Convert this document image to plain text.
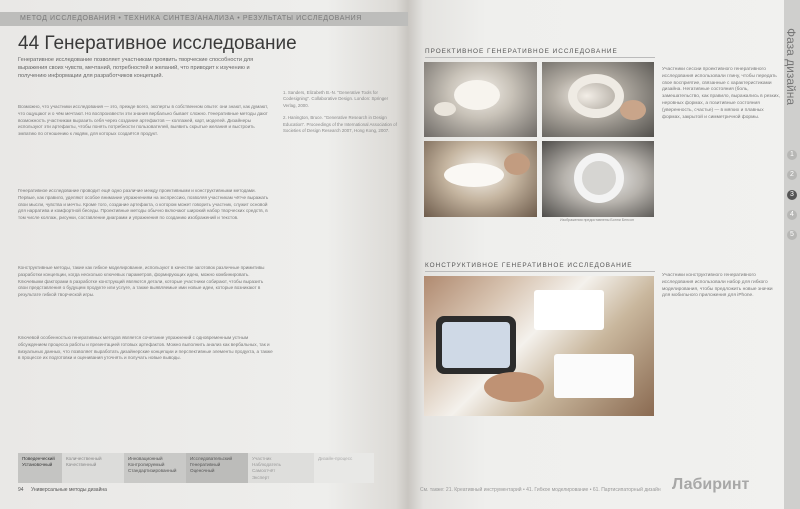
МЕТОД ИССЛЕДОВАНИЯ • ТЕХНИКА СИНТЕЗ/АНАЛИЗА • РЕЗУЛЬТАТЫ ИССЛЕДОВАНИЯ
44 Генеративное исследование
Генеративное исследование позволяет участникам проявить творческие способности для выражения своих чувств, мечтаний, потребностей и желаний, что приводит к изучению и получению информации для разработчиков концепций.
Возможно, что участники исследования — это, прежде всего, эксперты в собственном опыте: они знают, как думают, что ощущают и о чём мечтают. Но воспроизвести эти знания вербально бывает сложно. Генеративные методы дают возможность участникам выразить себя через создание артефактов — коллажей, карт, моделей. Дизайнеры используют эти артефакты, чтобы понять потребности пользователей, выявить скрытые желания и выстроить эмпатию по отношению к людям, для которых создаётся продукт.
Генеративное исследование проводит ещё одно различие между проективными и конструктивными методами. Первые, как правило, уделяют особое внимание упражнениям на экспрессию, позволяя участникам чётче выражать свои мысли, чувства и мечты. Кроме того, создание артефакта, о котором может говорить участник, служит основой для нарратива и комфортной беседы. Проективные методы обычно включают широкий набор творческих средств, в том числе коллаж, рисунки, составление диаграмм и упражнения по созданию изображений и текстов.
Конструктивные методы, такие как гибкое моделирование, используют в качестве заготовок различные примитивы разработки концепции, когда несколько ключевых параметров, формирующих идею, можно комбинировать. Ключевыми факторами в разработке конструкций являются детали, которые участники собирают, чтобы выразить свои представления о будущем продукте или услуге, а также выявляемые ими новые идеи, которые возникают в результате гибкой творческой игры.
Ключевой особенностью генеративных методов является сочетание упражнений с одновременным устным обсуждением процесса работы и презентацией готовых артефактов. Можно выполнить анализ как вербальных, так и визуальных данных, что позволяет выработать дизайнерские концепции и перспективные элементы продукта, а также в процессе их подготовки и оценивания уточнять и получать новые выводы.

1. Sanders, Elizabeth B.-N. "Generative Tools for Codesigning". Collaborative Design. London: Springer Verlag, 2000.

2. Hanington, Bruce. "Generative Research in Design Education". Proceedings of the International Association of Societies of Design Research 2007, Hong Kong, 2007.

Поведенческий
Установочный
Количественный
Качественный
Инновационный
Контролируемый
Стандартизированный
Исследовательский
Генеративный
Оценочный
Участник
Наблюдатель
Самоотчёт
Эксперт
Дизайн-процесс
94 Универсальные методы дизайна
ПРОЕКТИВНОЕ ГЕНЕРАТИВНОЕ ИССЛЕДОВАНИЕ
Изображения предоставлены Бонни Бенсон
Участники сессии проективного генеративного исследования использовали глину, чтобы передать свое восприятие, связанные с характеристиками дизайна. Негативные состояния (боль, замешательство, как правило, выражались в резких, неровных формах, а позитивные состояния (уверенность, счастье) — в мягких и плавных формах, закрытой и симметричной формы.
КОНСТРУКТИВНОЕ ГЕНЕРАТИВНОЕ ИССЛЕДОВАНИЕ
Участники конструктивного генеративного исследования использовали набор для гибкого моделирования, чтобы предложить новые значки для мобильного приложения для iPhone.
Фаза дизайна
1
2
3
4
5
См. также: 21. Креативный инструментарий • 41. Гибкое моделирование • 61. Партисипаторный дизайн Лабиринт
